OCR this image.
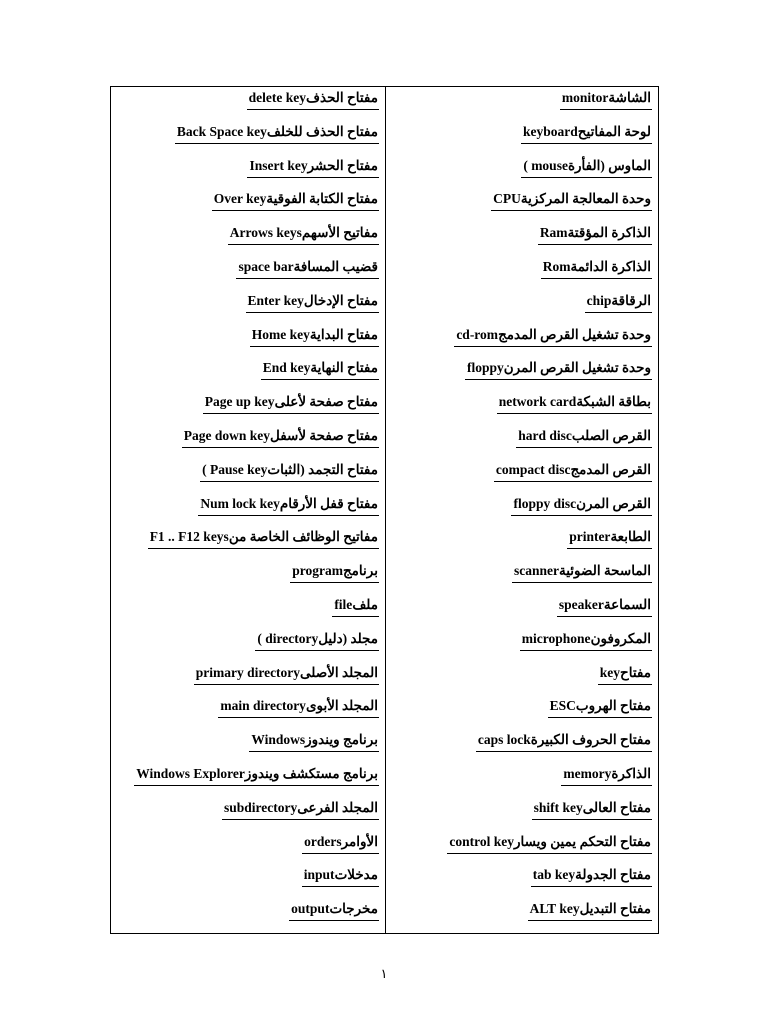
الشاشةmonitor
لوحة المفاتيحkeyboard
الماوس (الفأرةmouse )
وحدة المعالجة المركزيةCPU
الذاكرة المؤقتةRam
الذاكرة الدائمةRom
الرقاقةchip
وحدة تشغيل القرص المدمجcd-rom
وحدة تشغيل القرص المرنfloppy
بطاقة الشبكةnetwork card
القرص الصلبhard disc
القرص المدمجcompact disc
القرص المرنfloppy disc
الطابعةprinter
الماسحة الضوئيةscanner
السماعةspeaker
المكروفونmicrophone
مفتاحkey
مفتاح الهروبESC
مفتاح الحروف الكبيرةcaps lock
الذاكرةmemory
مفتاح العالىshift key
مفتاح التحكم يمين ويسارcontrol key
مفتاح الجدولةtab key
مفتاح التبديلALT key
مفتاح الحذفdelete key
مفتاح الحذف للخلفBack Space key
مفتاح الحشرInsert key
مفتاح الكتابة الفوقيةOver key
مفاتيح الأسهمArrows keys
قضيب المسافةspace bar
مفتاح الإدخالEnter key
مفتاح البدايةHome key
مفتاح النهايةEnd key
مفتاح صفحة لأعلىPage up key
مفتاح صفحة لأسفلPage down key
مفتاح التجمد (الثباتPause key )
مفتاح قفل الأرقامNum lock key
مفاتيح الوظائف الخاصة منF1 .. F12 keys
برنامجprogram
ملفfile
مجلد (دليلdirectory )
المجلد الأصلىprimary directory
المجلد الأبوىmain directory
برنامج ويندوزWindows
برنامج مستكشف ويندوزWindows Explorer
المجلد الفرعىsubdirectory
الأوامرorders
مدخلاتinput
مخرجاتoutput
١
